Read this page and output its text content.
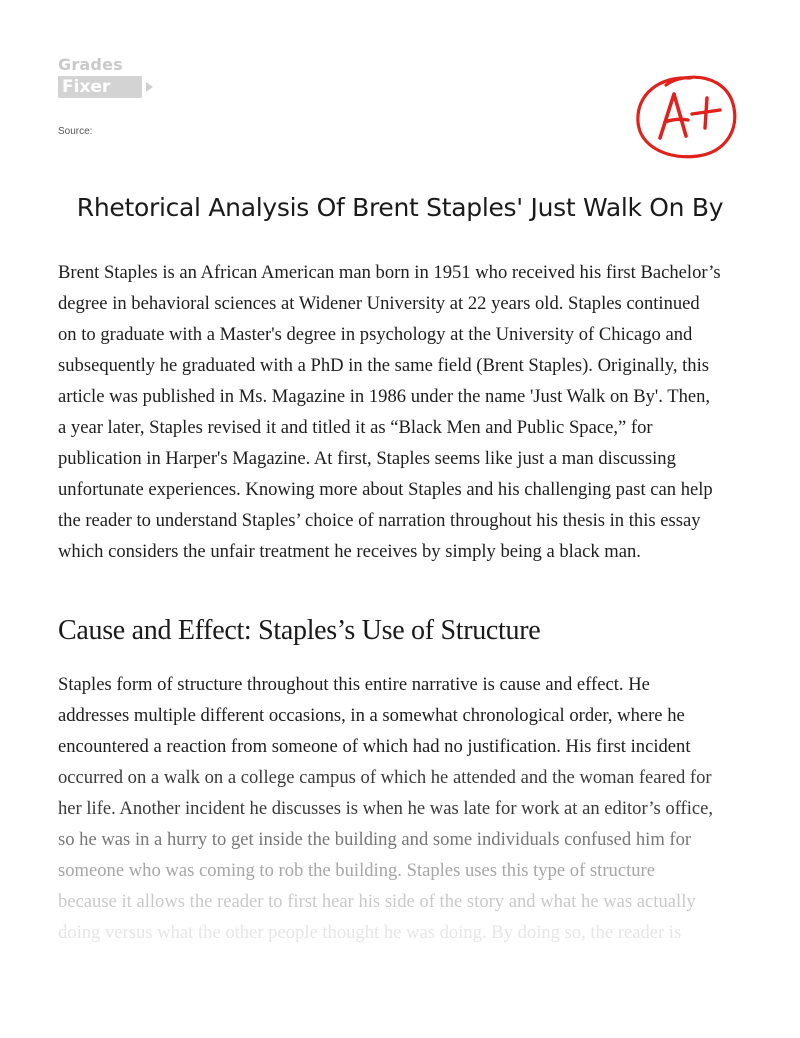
Grades
Fixer
Source:
Rhetorical Analysis Of Brent Staples' Just Walk On By

Brent Staples is an African American man born in 1951 who received his first Bachelor’s
degree in behavioral sciences at Widener University at 22 years old. Staples continued
on to graduate with a Master's degree in psychology at the University of Chicago and
subsequently he graduated with a PhD in the same field (Brent Staples). Originally, this
article was published in Ms. Magazine in 1986 under the name 'Just Walk on By'. Then,
a year later, Staples revised it and titled it as “Black Men and Public Space,” for
publication in Harper's Magazine. At first, Staples seems like just a man discussing
unfortunate experiences. Knowing more about Staples and his challenging past can help
the reader to understand Staples’ choice of narration throughout his thesis in this essay
which considers the unfair treatment he receives by simply being a black man.

Cause and Effect: Staples’s Use of Structure

Staples form of structure throughout this entire narrative is cause and effect. He
addresses multiple different occasions, in a somewhat chronological order, where he
encountered a reaction from someone of which had no justification. His first incident
occurred on a walk on a college campus of which he attended and the woman feared for
her life. Another incident he discusses is when he was late for work at an editor’s office,
so he was in a hurry to get inside the building and some individuals confused him for
someone who was coming to rob the building. Staples uses this type of structure
because it allows the reader to first hear his side of the story and what he was actually
doing versus what the other people thought he was doing. By doing so, the reader is
